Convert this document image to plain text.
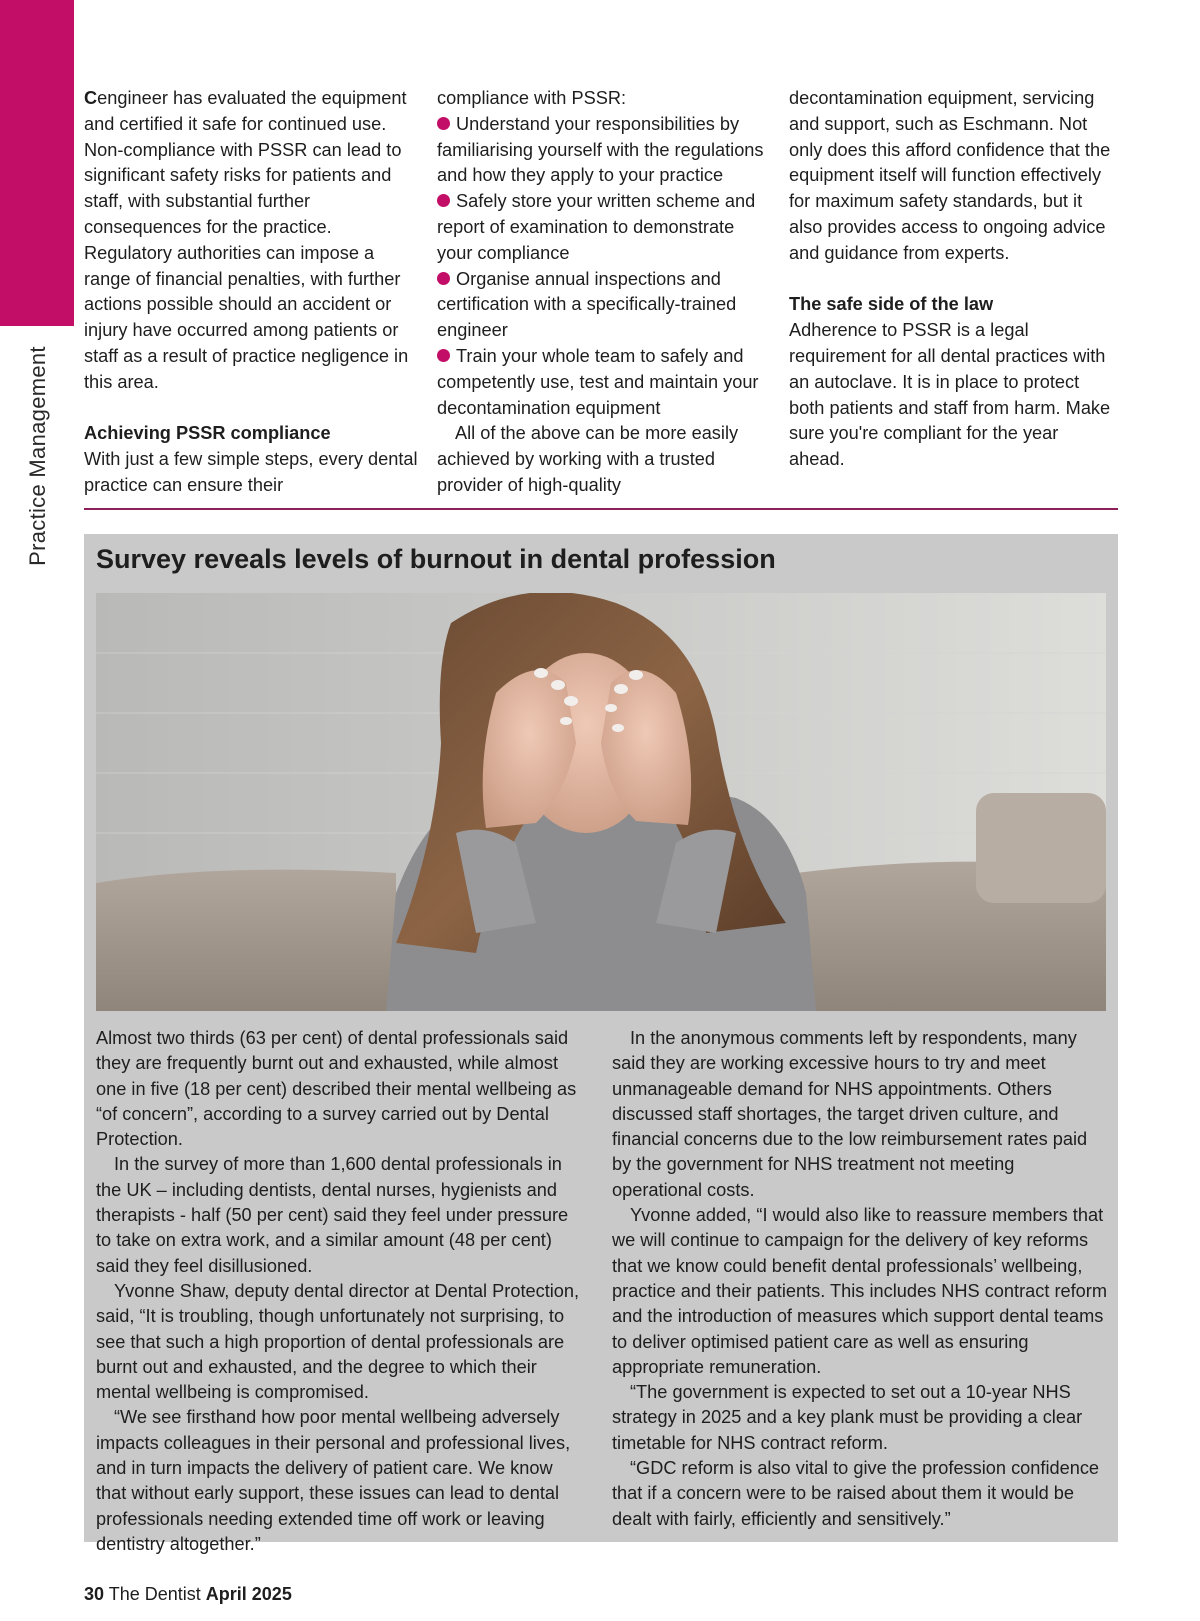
Practice Management

Cengineer has evaluated the equipment and certified it safe for continued use. Non-compliance with PSSR can lead to significant safety risks for patients and staff, with substantial further consequences for the practice. Regulatory authorities can impose a range of financial penalties, with further actions possible should an accident or injury have occurred among patients or staff as a result of practice negligence in this area.

Achieving PSSR compliance

With just a few simple steps, every dental practice can ensure their

compliance with PSSR:

Understand your responsibilities by familiarising yourself with the regulations and how they apply to your practice

Safely store your written scheme and report of examination to demonstrate your compliance

Organise annual inspections and certification with a specifically-trained engineer

Train your whole team to safely and competently use, test and maintain your decontamination equipment

All of the above can be more easily achieved by working with a trusted provider of high-quality

decontamination equipment, servicing and support, such as Eschmann. Not only does this afford confidence that the equipment itself will function effectively for maximum safety standards, but it also provides access to ongoing advice and guidance from experts.

The safe side of the law

Adherence to PSSR is a legal requirement for all dental practices with an autoclave. It is in place to protect both patients and staff from harm. Make sure you're compliant for the year ahead.

Survey reveals levels of burnout in dental profession

Almost two thirds (63 per cent) of dental professionals said they are frequently burnt out and exhausted, while almost one in five (18 per cent) described their mental wellbeing as “of concern”, according to a survey carried out by Dental Protection.

In the survey of more than 1,600 dental professionals in the UK – including dentists, dental nurses, hygienists and therapists - half (50 per cent) said they feel under pressure to take on extra work, and a similar amount (48 per cent) said they feel disillusioned.

Yvonne Shaw, deputy dental director at Dental Protection, said, “It is troubling, though unfortunately not surprising, to see that such a high proportion of dental professionals are burnt out and exhausted, and the degree to which their mental wellbeing is compromised.

“We see firsthand how poor mental wellbeing adversely impacts colleagues in their personal and professional lives, and in turn impacts the delivery of patient care. We know that without early support, these issues can lead to dental professionals needing extended time off work or leaving dentistry altogether.”

In the anonymous comments left by respondents, many said they are working excessive hours to try and meet unmanageable demand for NHS appointments. Others discussed staff shortages, the target driven culture, and financial concerns due to the low reimbursement rates paid by the government for NHS treatment not meeting operational costs.

Yvonne added, “I would also like to reassure members that we will continue to campaign for the delivery of key reforms that we know could benefit dental professionals’ wellbeing, practice and their patients. This includes NHS contract reform and the introduction of measures which support dental teams to deliver optimised patient care as well as ensuring appropriate remuneration.

“The government is expected to set out a 10-year NHS strategy in 2025 and a key plank must be providing a clear timetable for NHS contract reform.

“GDC reform is also vital to give the profession confidence that if a concern were to be raised about them it would be dealt with fairly, efficiently and sensitively.”

30 The Dentist April 2025
